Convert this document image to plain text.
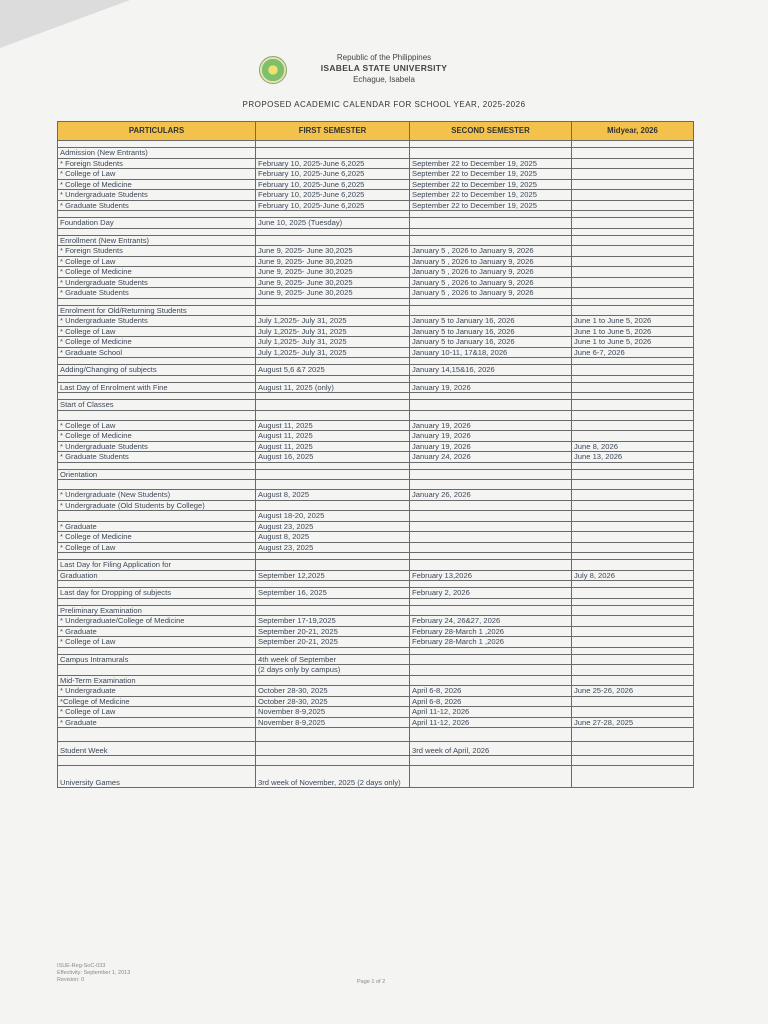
Republic of the Philippines
ISABELA STATE UNIVERSITY
Echague, Isabela
PROPOSED ACADEMIC CALENDAR FOR SCHOOL YEAR, 2025-2026
PARTICULARS	FIRST SEMESTER	SECOND SEMESTER	Midyear, 2026

Admission (New Entrants)			
* Foreign Students	February 10, 2025-June 6,2025	September 22 to December 19, 2025	
* College of Law	February 10, 2025-June 6,2025	September 22 to December 19, 2025	
* College of Medicine	February 10, 2025-June 6,2025	September 22 to December 19, 2025	
* Undergraduate Students	February 10, 2025-June 6,2025	September 22 to December 19, 2025	
* Graduate Students	February 10, 2025-June 6,2025	September 22 to December 19, 2025	

Foundation Day	June 10, 2025 (Tuesday)		

Enrollment (New Entrants)			
* Foreign Students	June 9, 2025- June 30,2025	January 5 , 2026 to January 9, 2026	
* College of Law	June 9, 2025- June 30,2025	January 5 , 2026 to January 9, 2026	
* College of Medicine	June 9, 2025- June 30,2025	January 5 , 2026 to January 9, 2026	
* Undergraduate Students	June 9, 2025- June 30,2025	January 5 , 2026 to January 9, 2026	
* Graduate Students	June 9, 2025- June 30,2025	January 5 , 2026 to January 9, 2026	

Enrolment for Old/Returning Students			
* Undergraduate Students	July 1,2025- July 31, 2025	January 5 to January 16, 2026	June 1 to June 5, 2026
* College of Law	July 1,2025- July 31, 2025	January 5 to January 16, 2026	June 1 to June 5, 2026
* College of Medicine	July 1,2025- July 31, 2025	January 5 to January 16, 2026	June 1 to June 5, 2026
* Graduate School	July 1,2025- July 31, 2025	January 10-11, 17&18, 2026	June 6-7, 2026

Adding/Changing of subjects	August 5,6 &7 2025	January 14,15&16, 2026	

Last Day of Enrolment with Fine	August 11, 2025 (only)	January 19, 2026	

Start of Classes			

* College of Law	August 11, 2025	January 19, 2026	
* College of Medicine	August 11, 2025	January 19, 2026	
* Undergraduate Students	August 11, 2025	January 19, 2026	June 8, 2026
* Graduate Students	August 16, 2025	January 24, 2026	June 13, 2026

Orientation			

* Undergraduate (New Students)	August 8, 2025	January 26, 2026	
* Undergraduate (Old Students by College)			
	August 18-20, 2025		
* Graduate	August 23, 2025		
* College of Medicine	August 8, 2025		
* College of Law	August 23, 2025		

Last Day for Filing Application for			
Graduation	September 12,2025	February 13,2026	July 8, 2026

Last day for Dropping of subjects	September 16, 2025	February 2, 2026	

Preliminary Examination			
* Undergraduate/College of Medicine	September 17-19,2025	February 24, 26&27, 2026	
* Graduate	September 20-21, 2025	February 28-March 1 ,2026	
* College of Law	September 20-21, 2025	February 28-March 1 ,2026	

Campus Intramurals	4th week of September		
	(2 days only by campus)		
Mid-Term Examination			
* Undergraduate	October 28-30, 2025	April 6-8, 2026	June 25-26, 2026
*College of Medicine	October 28-30, 2025	April 6-8, 2026	
* College of Law	November 8-9,2025	April 11-12, 2026	
* Graduate	November 8-9,2025	April 11-12, 2026	June 27-28, 2025

Student Week		3rd week of April, 2026	

University Games	3rd week of November, 2025 (2 days only)		
ISUE-Reg-SoC-033
Effectivity: September 1, 2013
Revision: 0	Page 1 of 2
